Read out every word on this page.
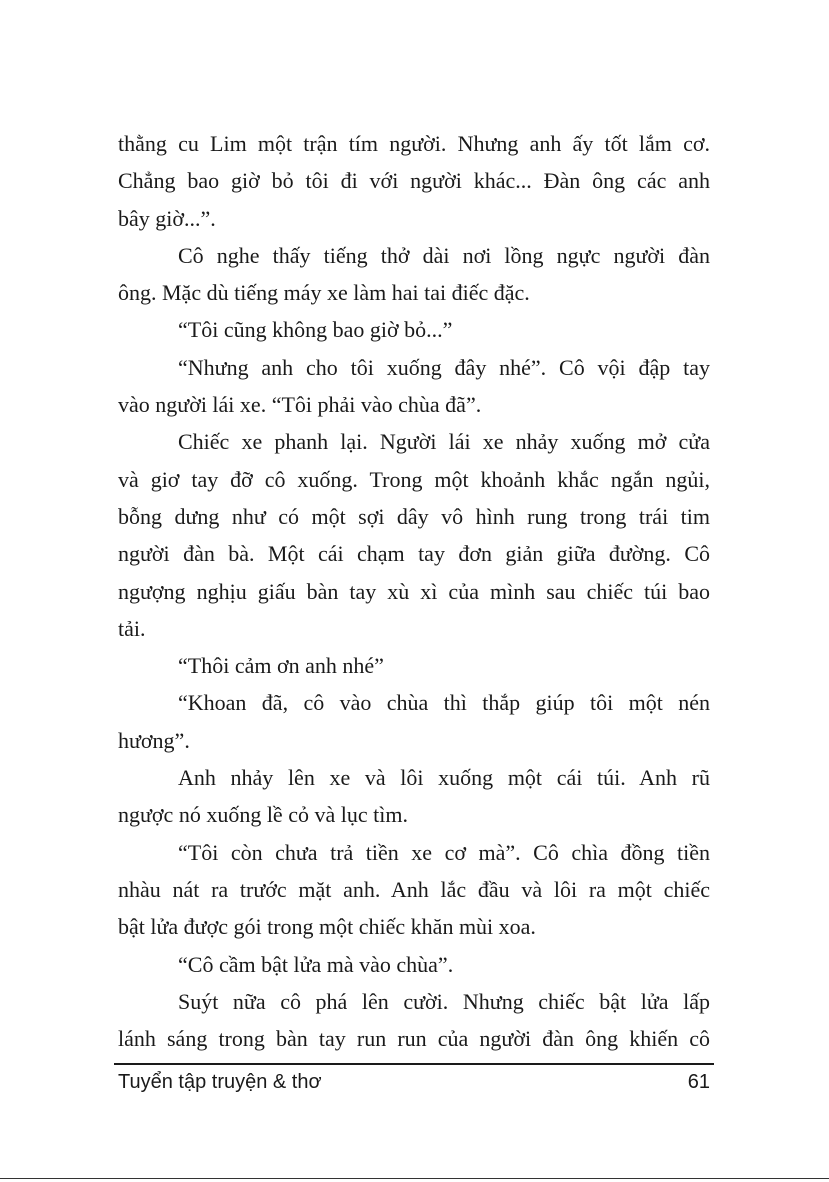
thằng cu Lim một trận tím người. Nhưng anh ấy tốt lắm cơ.
Chẳng bao giờ bỏ tôi đi với người khác... Đàn ông các anh
bây giờ...”.
Cô nghe thấy tiếng thở dài nơi lồng ngực người đàn
ông. Mặc dù tiếng máy xe làm hai tai điếc đặc.
“Tôi cũng không bao giờ bỏ...”
“Nhưng anh cho tôi xuống đây nhé”. Cô vội đập tay
vào người lái xe. “Tôi phải vào chùa đã”.
Chiếc xe phanh lại. Người lái xe nhảy xuống mở cửa
và giơ tay đỡ cô xuống. Trong một khoảnh khắc ngắn ngủi,
bỗng dưng như có một sợi dây vô hình rung trong trái tim
người đàn bà. Một cái chạm tay đơn giản giữa đường. Cô
ngượng nghịu giấu bàn tay xù xì của mình sau chiếc túi bao
tải.
“Thôi cảm ơn anh nhé”
“Khoan đã, cô vào chùa thì thắp giúp tôi một nén
hương”.
Anh nhảy lên xe và lôi xuống một cái túi. Anh rũ
ngược nó xuống lề cỏ và lục tìm.
“Tôi còn chưa trả tiền xe cơ mà”. Cô chìa đồng tiền
nhàu nát ra trước mặt anh. Anh lắc đầu và lôi ra một chiếc
bật lửa được gói trong một chiếc khăn mùi xoa.
“Cô cầm bật lửa mà vào chùa”.
Suýt nữa cô phá lên cười. Nhưng chiếc bật lửa lấp
lánh sáng trong bàn tay run run của người đàn ông khiến cô
Tuyển tập truyện & thơ	61
